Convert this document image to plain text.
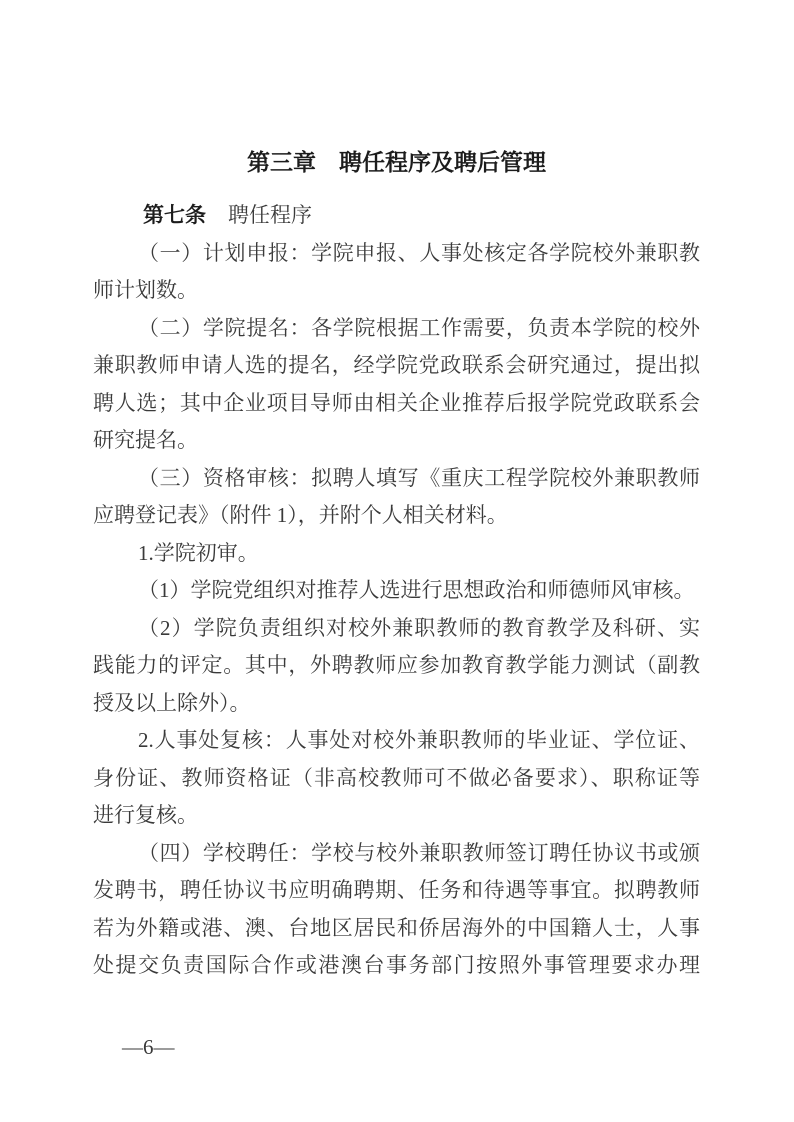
第三章　聘任程序及聘后管理
第七条 聘任程序
（一）计划申报：学院申报、人事处核定各学院校外兼职教
师计划数。
（二）学院提名：各学院根据工作需要，负责本学院的校外
兼职教师申请人选的提名，经学院党政联系会研究通过，提出拟
聘人选；其中企业项目导师由相关企业推荐后报学院党政联系会
研究提名。
（三）资格审核：拟聘人填写《重庆工程学院校外兼职教师
应聘登记表》（附件 1），并附个人相关材料。
1.学院初审。
（1）学院党组织对推荐人选进行思想政治和师德师风审核。
（2）学院负责组织对校外兼职教师的教育教学及科研、实
践能力的评定。其中，外聘教师应参加教育教学能力测试（副教
授及以上除外）。
2.人事处复核：人事处对校外兼职教师的毕业证、学位证、
身份证、教师资格证（非高校教师可不做必备要求）、职称证等
进行复核。
（四）学校聘任：学校与校外兼职教师签订聘任协议书或颁
发聘书，聘任协议书应明确聘期、任务和待遇等事宜。拟聘教师
若为外籍或港、澳、台地区居民和侨居海外的中国籍人士，人事
处提交负责国际合作或港澳台事务部门按照外事管理要求办理
—6—
